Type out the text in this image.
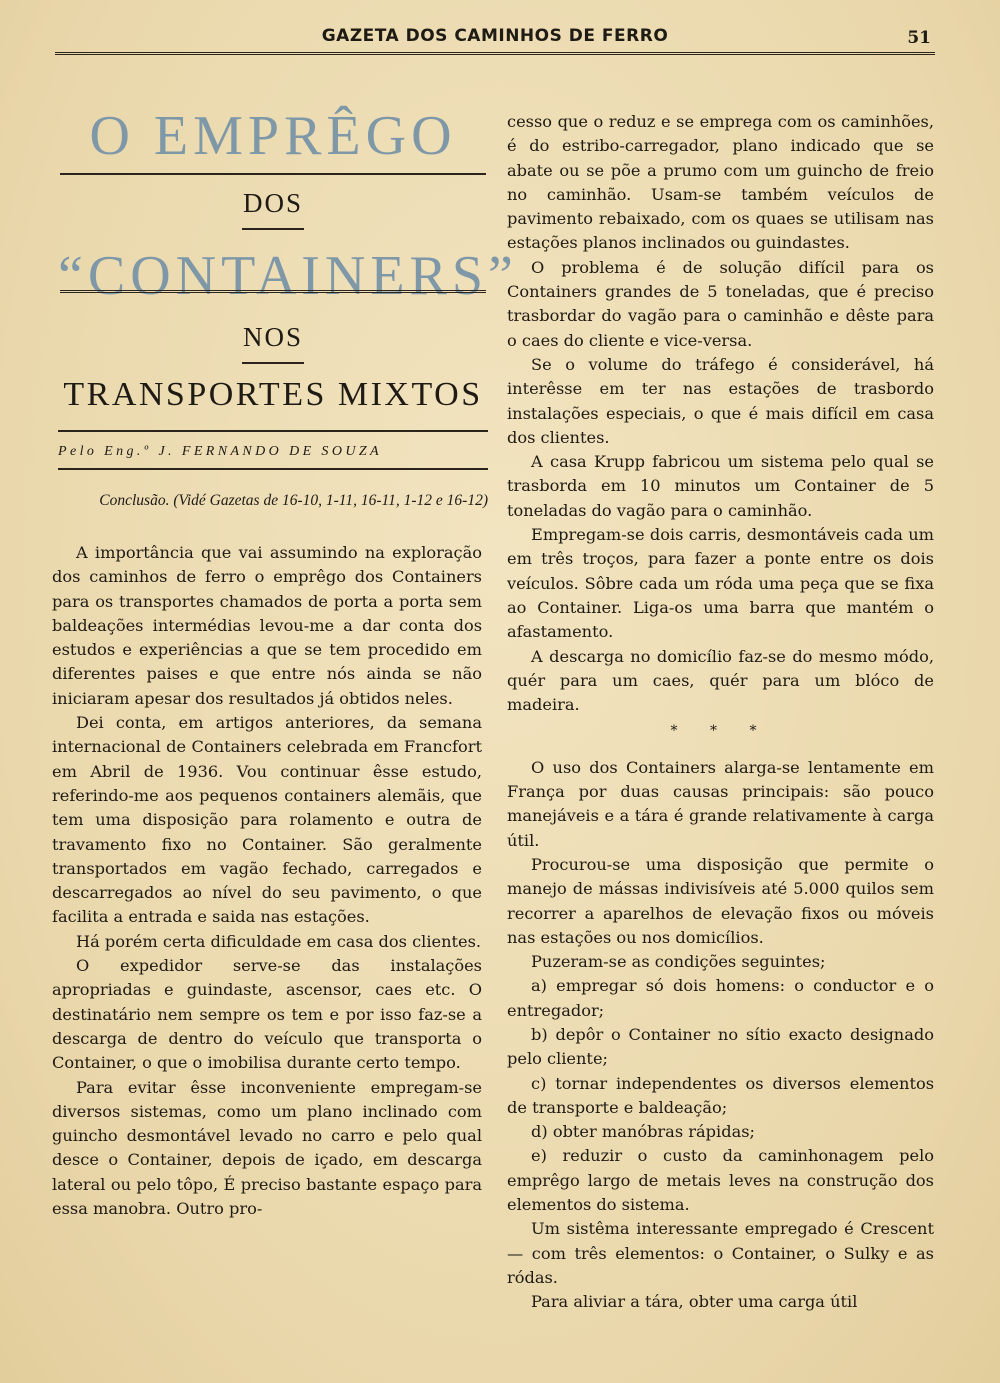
GAZETA DOS CAMINHOS DE FERRO	51
O EMPRÊGO
DOS
“CONTAINERS”
NOS
TRANSPORTES MIXTOS
Pelo Eng.º J. FERNANDO DE SOUZA
Conclusão. (Vidé Gazetas de 16-10, 1-11, 16-11, 1-12 e 16-12)

A importância que vai assumindo na exploração dos caminhos de ferro o emprêgo dos Containers para os transportes chamados de porta a porta sem baldeações intermédias levou-me a dar conta dos estudos e experiências a que se tem procedido em diferentes paises e que entre nós ainda se não iniciaram apesar dos resultados já obtidos neles.

Dei conta, em artigos anteriores, da semana internacional de Containers celebrada em Francfort em Abril de 1936. Vou continuar êsse estudo, referindo-me aos pequenos containers alemãis, que tem uma disposição para rolamento e outra de travamento fixo no Container. São geralmente transportados em vagão fechado, carregados e descarregados ao nível do seu pavimento, o que facilita a entrada e saida nas estações.

Há porém certa dificuldade em casa dos clientes.

O expedidor serve-se das instalações apropriadas e guindaste, ascensor, caes etc. O destinatário nem sempre os tem e por isso faz-se a descarga de dentro do veículo que transporta o Container, o que o imobilisa durante certo tempo.

Para evitar êsse inconveniente empregam-se diversos sistemas, como um plano inclinado com guincho desmontável levado no carro e pelo qual desce o Container, depois de içado, em descarga lateral ou pelo tôpo, É preciso bastante espaço para essa manobra. Outro pro-

cesso que o reduz e se emprega com os caminhões, é do estribo-carregador, plano indicado que se abate ou se põe a prumo com um guincho de freio no caminhão. Usam-se também veículos de pavimento rebaixado, com os quaes se utilisam nas estações planos inclinados ou guindastes.

O problema é de solução difícil para os Containers grandes de 5 toneladas, que é preciso trasbordar do vagão para o caminhão e dêste para o caes do cliente e vice-versa.

Se o volume do tráfego é considerável, há interêsse em ter nas estações de trasbordo instalações especiais, o que é mais difícil em casa dos clientes.

A casa Krupp fabricou um sistema pelo qual se trasborda em 10 minutos um Container de 5 toneladas do vagão para o caminhão.

Empregam-se dois carris, desmontáveis cada um em três troços, para fazer a ponte entre os dois veículos. Sôbre cada um róda uma peça que se fixa ao Container. Liga-os uma barra que mantém o afastamento.

A descarga no domicílio faz-se do mesmo módo, quér para um caes, quér para um blóco de madeira.

* * *

O uso dos Containers alarga-se lentamente em França por duas causas principais: são pouco manejáveis e a tára é grande relativamente à carga útil.

Procurou-se uma disposição que permite o manejo de mássas indivisíveis até 5.000 quilos sem recorrer a aparelhos de elevação fixos ou móveis nas estações ou nos domicílios.

Puzeram-se as condições seguintes;

a) empregar só dois homens: o conductor e o entregador;

b) depôr o Container no sítio exacto designado pelo cliente;

c) tornar independentes os diversos elementos de transporte e baldeação;

d) obter manóbras rápidas;

e) reduzir o custo da caminhonagem pelo emprêgo largo de metais leves na construção dos elementos do sistema.

Um sistêma interessante empregado é Crescent — com três elementos: o Container, o Sulky e as ródas.

Para aliviar a tára, obter uma carga útil
